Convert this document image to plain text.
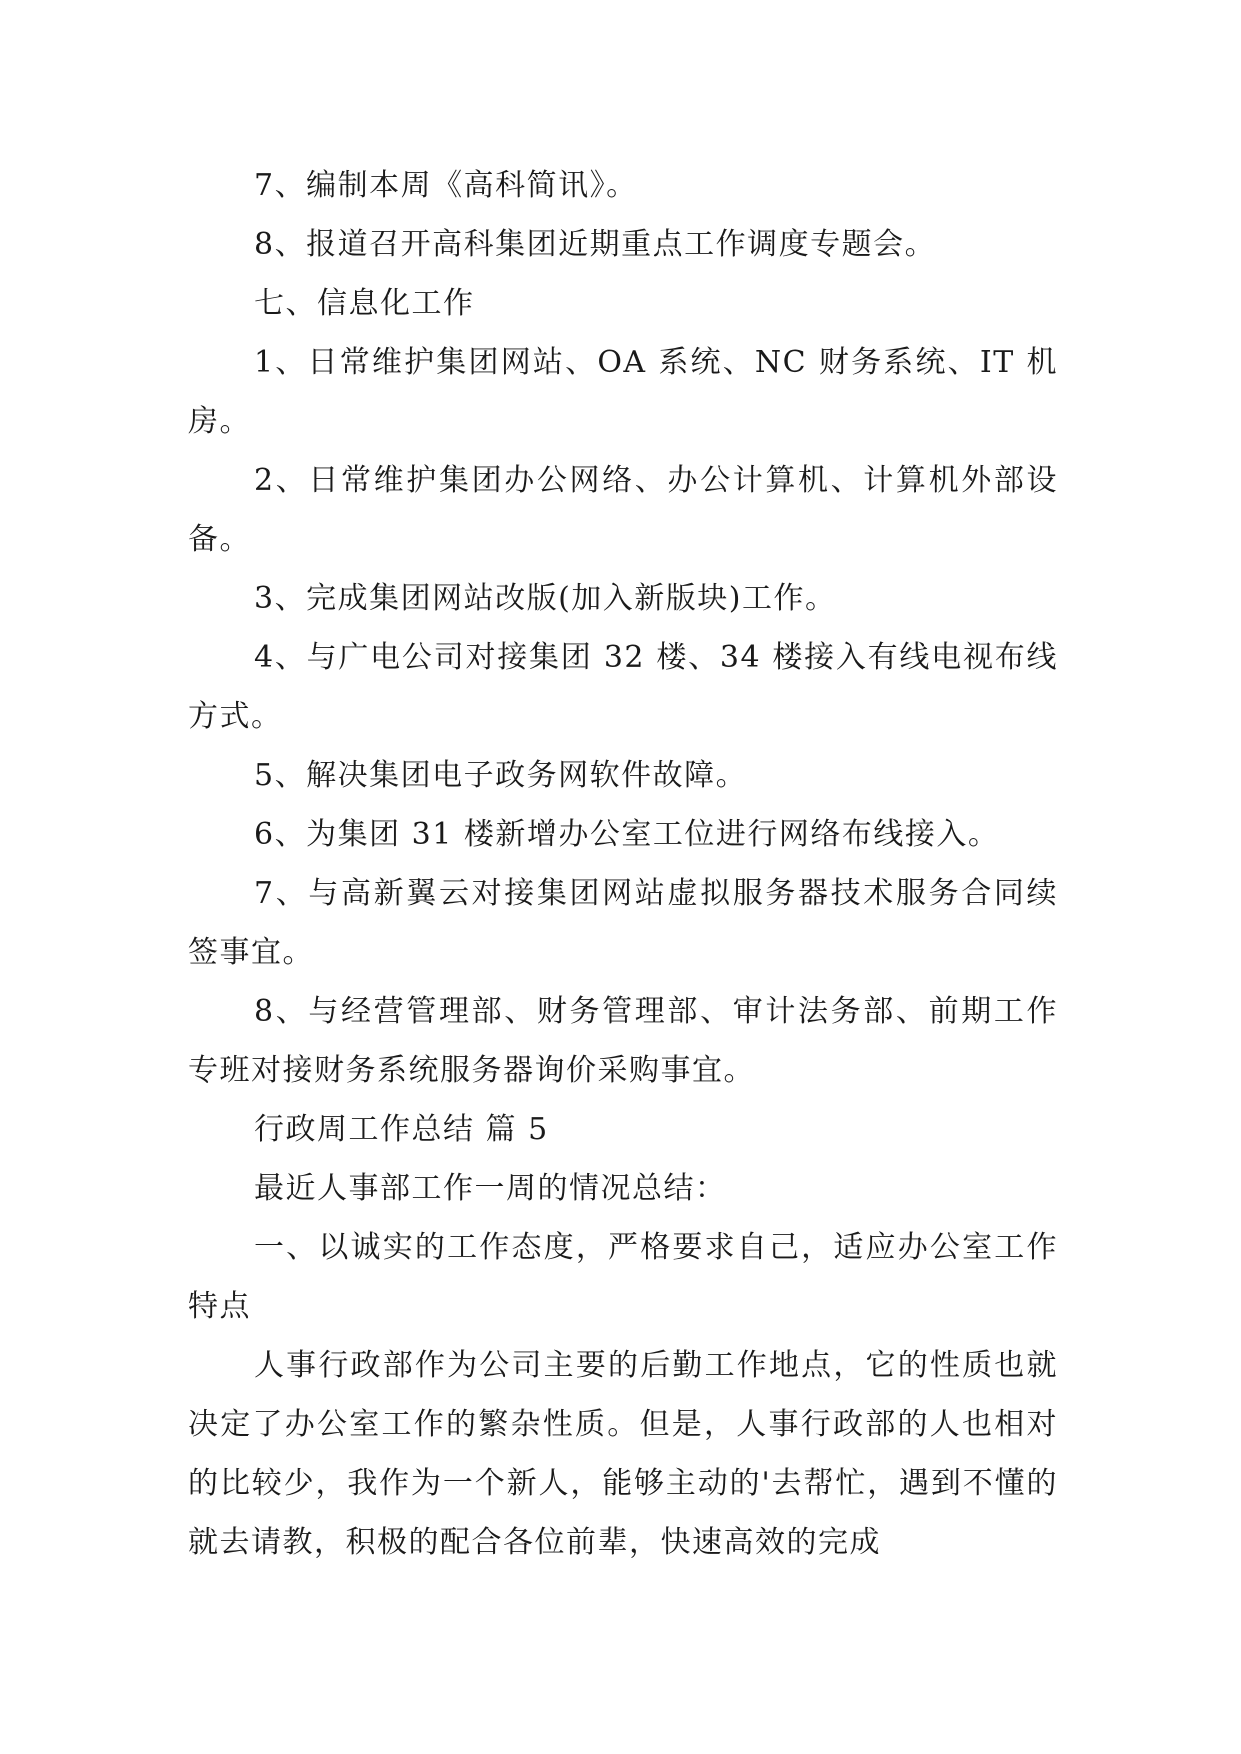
7、编制本周《高科简讯》。

8、报道召开高科集团近期重点工作调度专题会。

七、信息化工作

1、日常维护集团网站、OA 系统、NC 财务系统、IT 机房。

2、日常维护集团办公网络、办公计算机、计算机外部设备。

3、完成集团网站改版(加入新版块)工作。

4、与广电公司对接集团 32 楼、34 楼接入有线电视布线方式。

5、解决集团电子政务网软件故障。

6、为集团 31 楼新增办公室工位进行网络布线接入。

7、与高新翼云对接集团网站虚拟服务器技术服务合同续签事宜。

8、与经营管理部、财务管理部、审计法务部、前期工作专班对接财务系统服务器询价采购事宜。

行政周工作总结 篇 5

最近人事部工作一周的情况总结：

一、以诚实的工作态度，严格要求自己，适应办公室工作特点

人事行政部作为公司主要的后勤工作地点，它的性质也就决定了办公室工作的繁杂性质。但是，人事行政部的人也相对的比较少，我作为一个新人，能够主动的'去帮忙，遇到不懂的就去请教，积极的配合各位前辈，快速高效的完成
